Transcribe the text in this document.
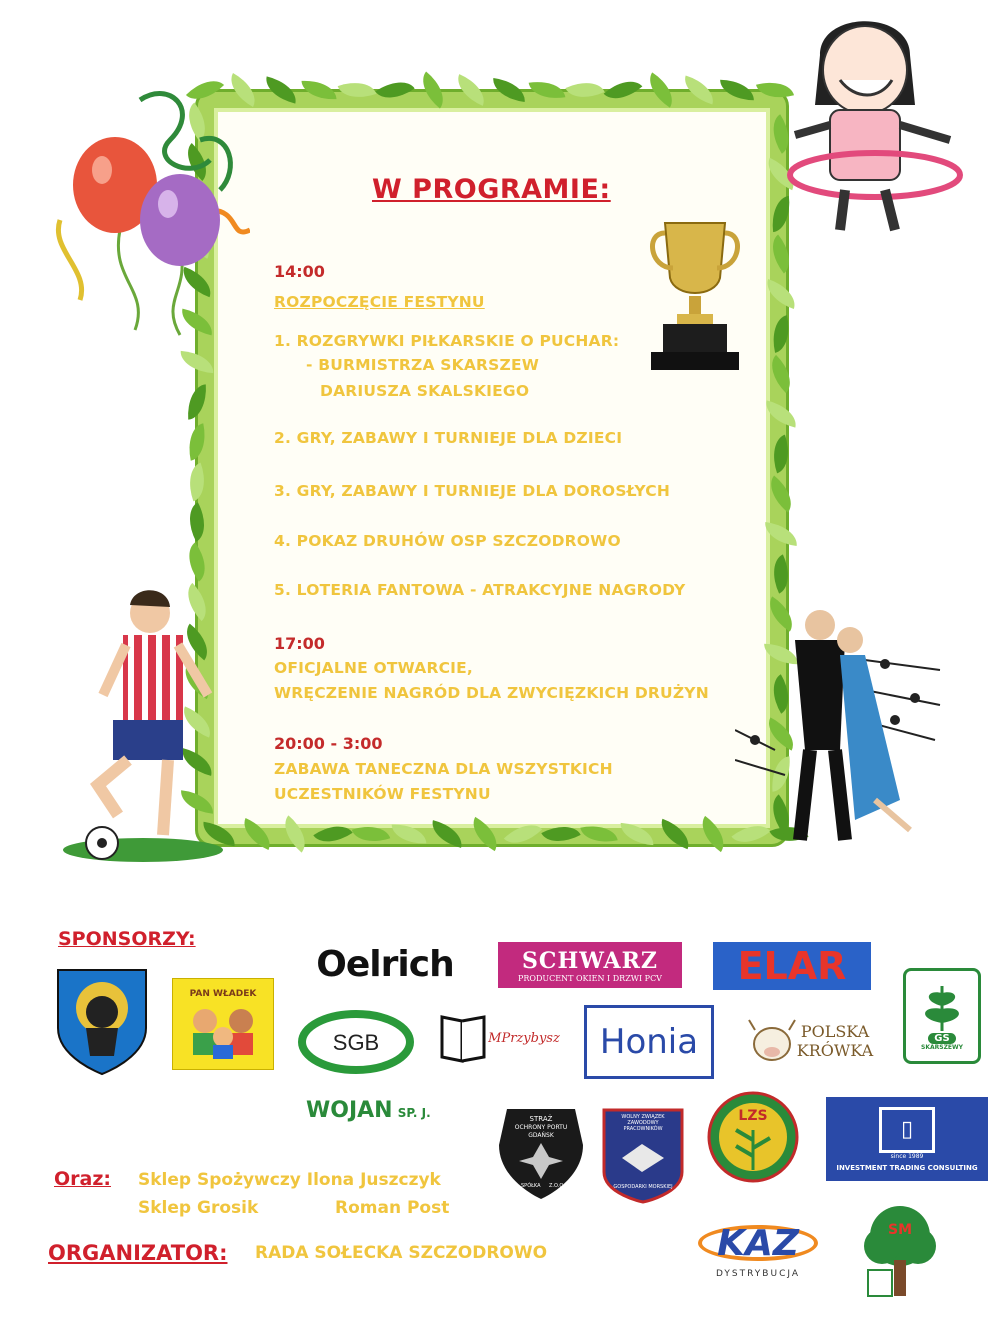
W PROGRAMIE:
14:00
ROZPOCZĘCIE FESTYNU
1. ROZGRYWKI PIŁKARSKIE O PUCHAR:
- BURMISTRZA SKARSZEW
DARIUSZA SKALSKIEGO
2. GRY, ZABAWY I TURNIEJE DLA DZIECI
3. GRY, ZABAWY I TURNIEJE DLA DOROSŁYCH
4. POKAZ DRUHÓW OSP SZCZODROWO
5. LOTERIA FANTOWA - ATRAKCYJNE NAGRODY
17:00
OFICJALNE OTWARCIE,
WRĘCZENIE NAGRÓD DLA ZWYCIĘZKICH DRUŻYN
20:00 - 3:00
ZABAWA TANECZNA DLA WSZYSTKICH
UCZESTNIKÓW FESTYNU
SPONSORZY:
PAN WŁADEK
Oelrich	SCHWARZ
PRODUCENT OKIEN I DRZWI PCV ELAR
GS
SKARSZEWY
SGB	MPrzybysz Honia	POLSKA
KRÓWKA
WOJAN SP. J.	STRAŻ
OCHRONY PORTU
GDAŃSK
SPÓŁKA Z.O.O.
WOLNY ZWIĄZEK ZAWODOWY PRACOWNIKÓW
GOSPODARKI MORSKIEJ
LZS
▯
since 1989
INVESTMENT TRADING CONSULTING
KAZ
DYSTRYBUCJA
SM
Oraz: Sklep Spożywczy Ilona Juszczyk
Sklep Grosik	Roman Post
ORGANIZATOR: RADA SOŁECKA SZCZODROWO
